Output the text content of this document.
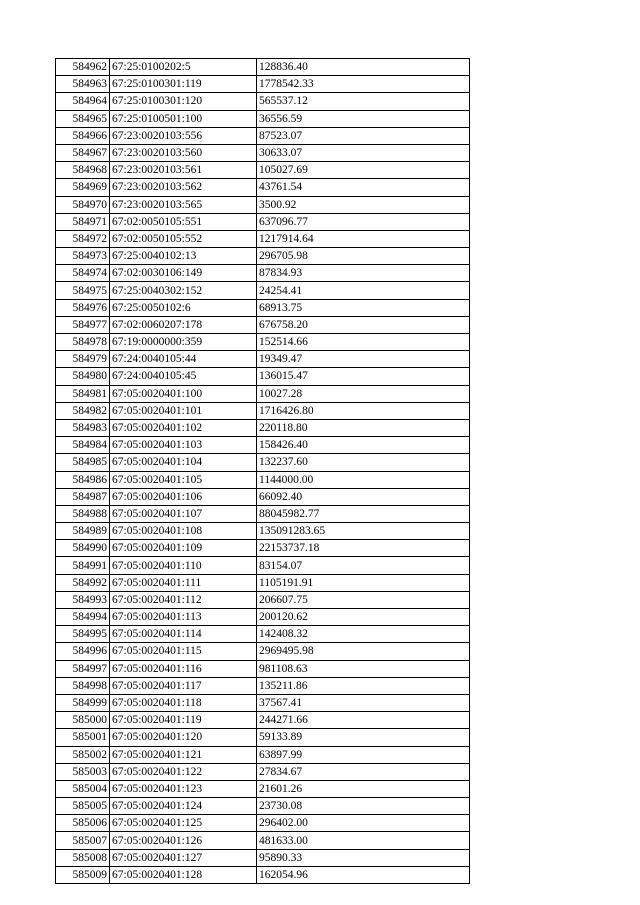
584962	67:25:0100202:5	128836.40
584963	67:25:0100301:119	1778542.33
584964	67:25:0100301:120	565537.12
584965	67:25:0100501:100	36556.59
584966	67:23:0020103:556	87523.07
584967	67:23:0020103:560	30633.07
584968	67:23:0020103:561	105027.69
584969	67:23:0020103:562	43761.54
584970	67:23:0020103:565	3500.92
584971	67:02:0050105:551	637096.77
584972	67:02:0050105:552	1217914.64
584973	67:25:0040102:13	296705.98
584974	67:02:0030106:149	87834.93
584975	67:25:0040302:152	24254.41
584976	67:25:0050102:6	68913.75
584977	67:02:0060207:178	676758.20
584978	67:19:0000000:359	152514.66
584979	67:24:0040105:44	19349.47
584980	67:24:0040105:45	136015.47
584981	67:05:0020401:100	10027.28
584982	67:05:0020401:101	1716426.80
584983	67:05:0020401:102	220118.80
584984	67:05:0020401:103	158426.40
584985	67:05:0020401:104	132237.60
584986	67:05:0020401:105	1144000.00
584987	67:05:0020401:106	66092.40
584988	67:05:0020401:107	88045982.77
584989	67:05:0020401:108	135091283.65
584990	67:05:0020401:109	22153737.18
584991	67:05:0020401:110	83154.07
584992	67:05:0020401:111	1105191.91
584993	67:05:0020401:112	206607.75
584994	67:05:0020401:113	200120.62
584995	67:05:0020401:114	142408.32
584996	67:05:0020401:115	2969495.98
584997	67:05:0020401:116	981108.63
584998	67:05:0020401:117	135211.86
584999	67:05:0020401:118	37567.41
585000	67:05:0020401:119	244271.66
585001	67:05:0020401:120	59133.89
585002	67:05:0020401:121	63897.99
585003	67:05:0020401:122	27834.67
585004	67:05:0020401:123	21601.26
585005	67:05:0020401:124	23730.08
585006	67:05:0020401:125	296402.00
585007	67:05:0020401:126	481633.00
585008	67:05:0020401:127	95890.33
585009	67:05:0020401:128	162054.96
